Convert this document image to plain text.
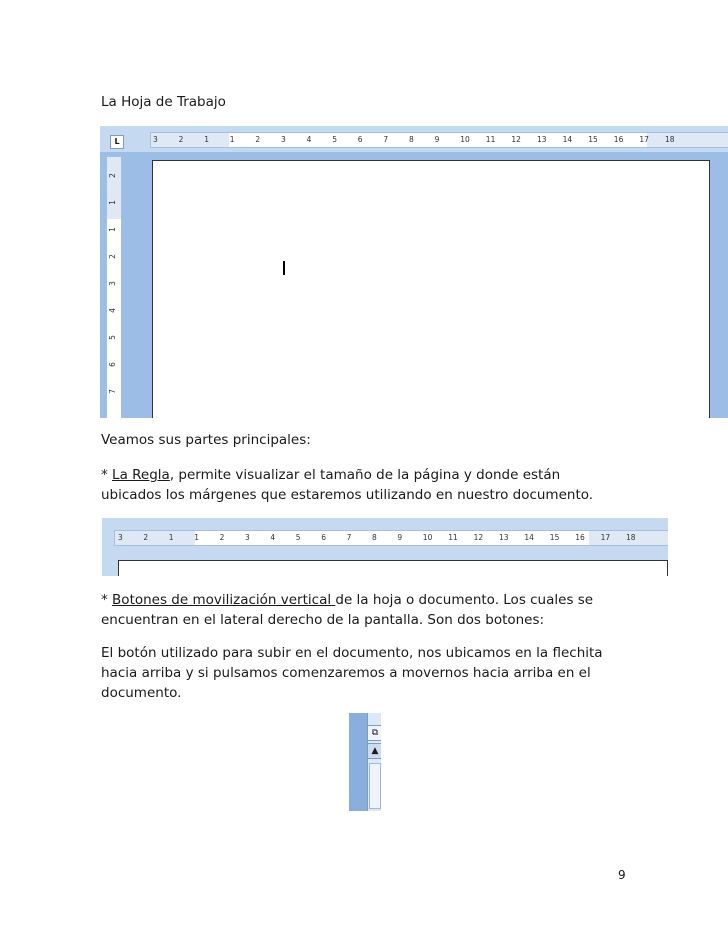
La Hoja de Trabajo
L	3	2	1	1	2	3	4	5	6	7	8	9	10 11 12 13 14 15 16 17 18
2
1
1
2
3
4
5
6
7
Veamos sus partes principales:
* La Regla, permite visualizar el tamaño de la página y donde están
ubicados los márgenes que estaremos utilizando en nuestro documento.
3	2	1	1	2	3	4	5	6	7	8	9	10 11 12 13 14 15 16 17 18
* Botones de movilización vertical de la hoja o documento. Los cuales se
encuentran en el lateral derecho de la pantalla. Son dos botones:
El botón utilizado para subir en el documento, nos ubicamos en la flechita
hacia arriba y si pulsamos comenzaremos a movernos hacia arriba en el
documento.
⧉
▲
9
